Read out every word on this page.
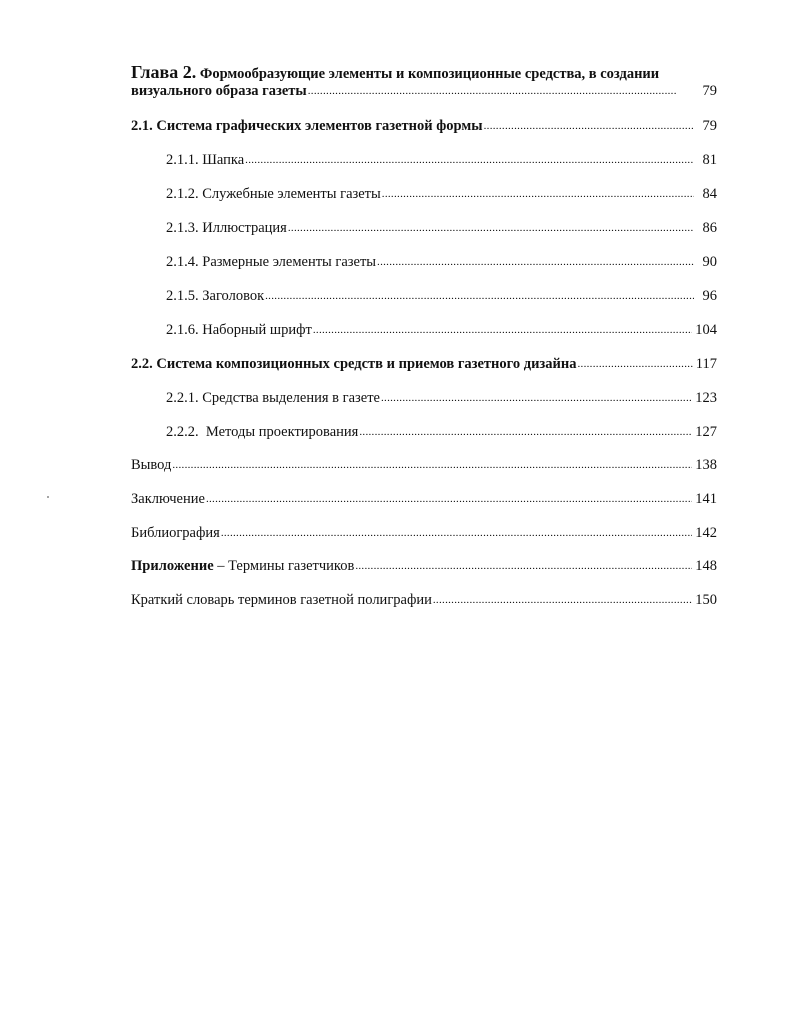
Глава 2. Формообразующие элементы и композиционные средства, в создании
визуального образа газеты .....	79
2.1. Система графических элементов газетной формы .....	79
2.1.1. Шапка .....	81
2.1.2. Служебные элементы газеты .....	84
2.1.3. Иллюстрация .....	86
2.1.4. Размерные элементы газеты .....	90
2.1.5. Заголовок .....	96
2.1.6. Наборный шрифт .....	104
2.2. Система композиционных средств и приемов газетного дизайна .....	117
2.2.1. Средства выделения в газете .....	123
2.2.2.  Методы проектирования .....	127
Вывод .....	138
Заключение .....	141
Библиография .....	142
Приложение – Термины газетчиков .....	148
Краткий словарь терминов газетной полиграфии .....	150
